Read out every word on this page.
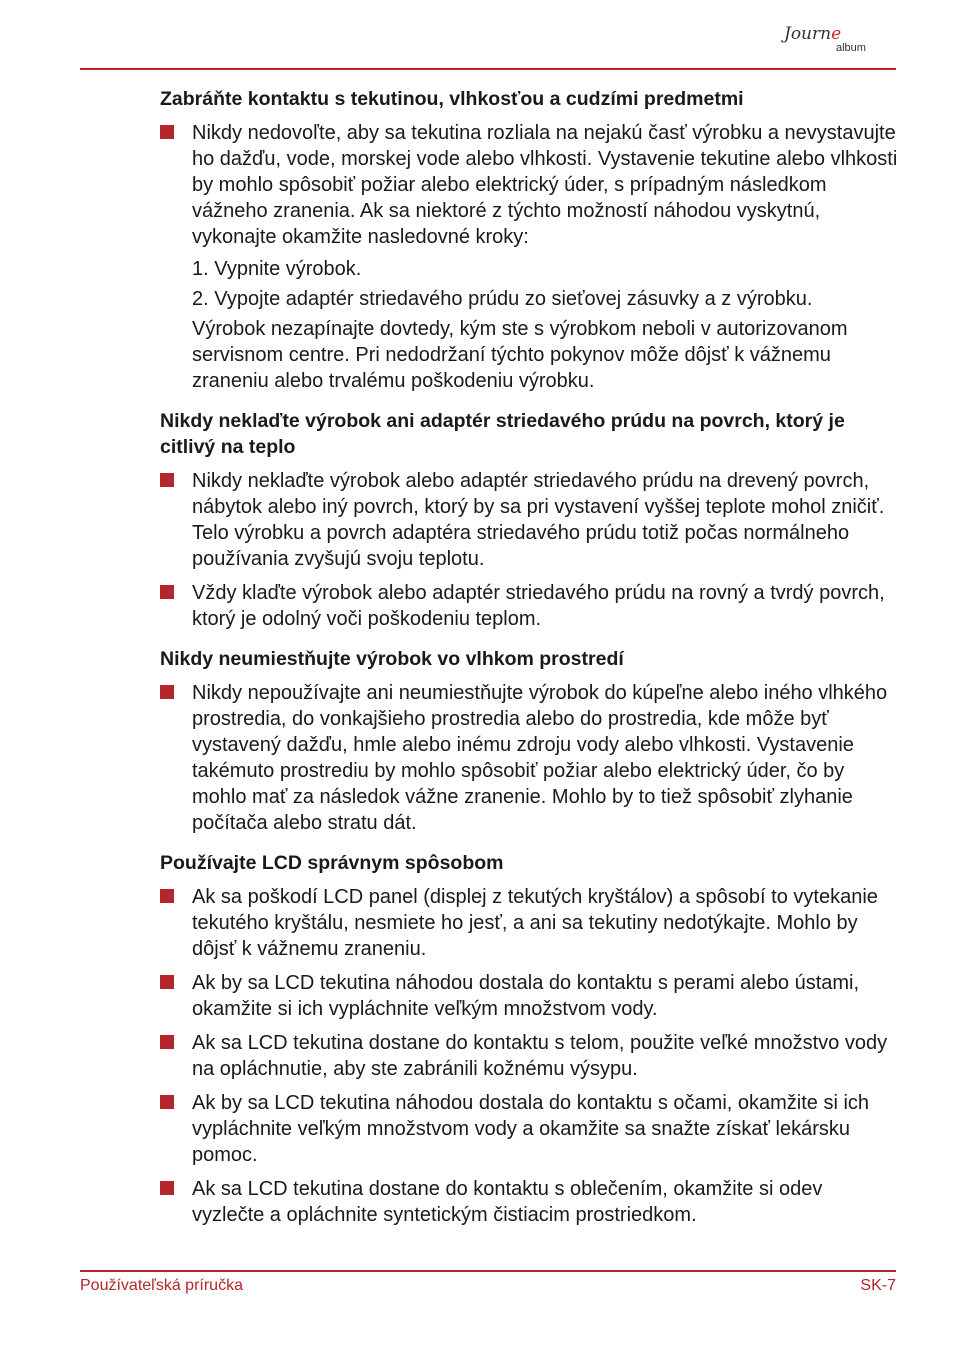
Journe
album
Zabráňte kontaktu s tekutinou, vlhkosťou a cudzími predmetmi
Nikdy nedovoľte, aby sa tekutina rozliala na nejakú časť výrobku a nevystavujte ho dažďu, vode, morskej vode alebo vlhkosti. Vystavenie tekutine alebo vlhkosti by mohlo spôsobiť požiar alebo elektrický úder, s prípadným následkom vážneho zranenia. Ak sa niektoré z týchto možností náhodou vyskytnú, vykonajte okamžite nasledovné kroky:
1. Vypnite výrobok.
2. Vypojte adaptér striedavého prúdu zo sieťovej zásuvky a z výrobku.
Výrobok nezapínajte dovtedy, kým ste s výrobkom neboli v autorizovanom servisnom centre. Pri nedodržaní týchto pokynov môže dôjsť k vážnemu zraneniu alebo trvalému poškodeniu výrobku.
Nikdy neklaďte výrobok ani adaptér striedavého prúdu na povrch, ktorý je citlivý na teplo
Nikdy neklaďte výrobok alebo adaptér striedavého prúdu na drevený povrch, nábytok alebo iný povrch, ktorý by sa pri vystavení vyššej teplote mohol zničiť. Telo výrobku a povrch adaptéra striedavého prúdu totiž počas normálneho používania zvyšujú svoju teplotu.
Vždy klaďte výrobok alebo adaptér striedavého prúdu na rovný a tvrdý povrch, ktorý je odolný voči poškodeniu teplom.
Nikdy neumiestňujte výrobok vo vlhkom prostredí
Nikdy nepoužívajte ani neumiestňujte výrobok do kúpeľne alebo iného vlhkého prostredia, do vonkajšieho prostredia alebo do prostredia, kde môže byť vystavený dažďu, hmle alebo inému zdroju vody alebo vlhkosti. Vystavenie takémuto prostrediu by mohlo spôsobiť požiar alebo elektrický úder, čo by mohlo mať za následok vážne zranenie. Mohlo by to tiež spôsobiť zlyhanie počítača alebo stratu dát.
Používajte LCD správnym spôsobom
Ak sa poškodí LCD panel (displej z tekutých kryštálov) a spôsobí to vytekanie tekutého kryštálu, nesmiete ho jesť, a ani sa tekutiny nedotýkajte. Mohlo by dôjsť k vážnemu zraneniu.
Ak by sa LCD tekutina náhodou dostala do kontaktu s perami alebo ústami, okamžite si ich vypláchnite veľkým množstvom vody.
Ak sa LCD tekutina dostane do kontaktu s telom, použite veľké množstvo vody na opláchnutie, aby ste zabránili kožnému výsypu.
Ak by sa LCD tekutina náhodou dostala do kontaktu s očami, okamžite si ich vypláchnite veľkým množstvom vody a okamžite sa snažte získať lekársku pomoc.
Ak sa LCD tekutina dostane do kontaktu s oblečením, okamžite si odev vyzlečte a opláchnite syntetickým čistiacim prostriedkom.
Používateľská príručka	SK-7
